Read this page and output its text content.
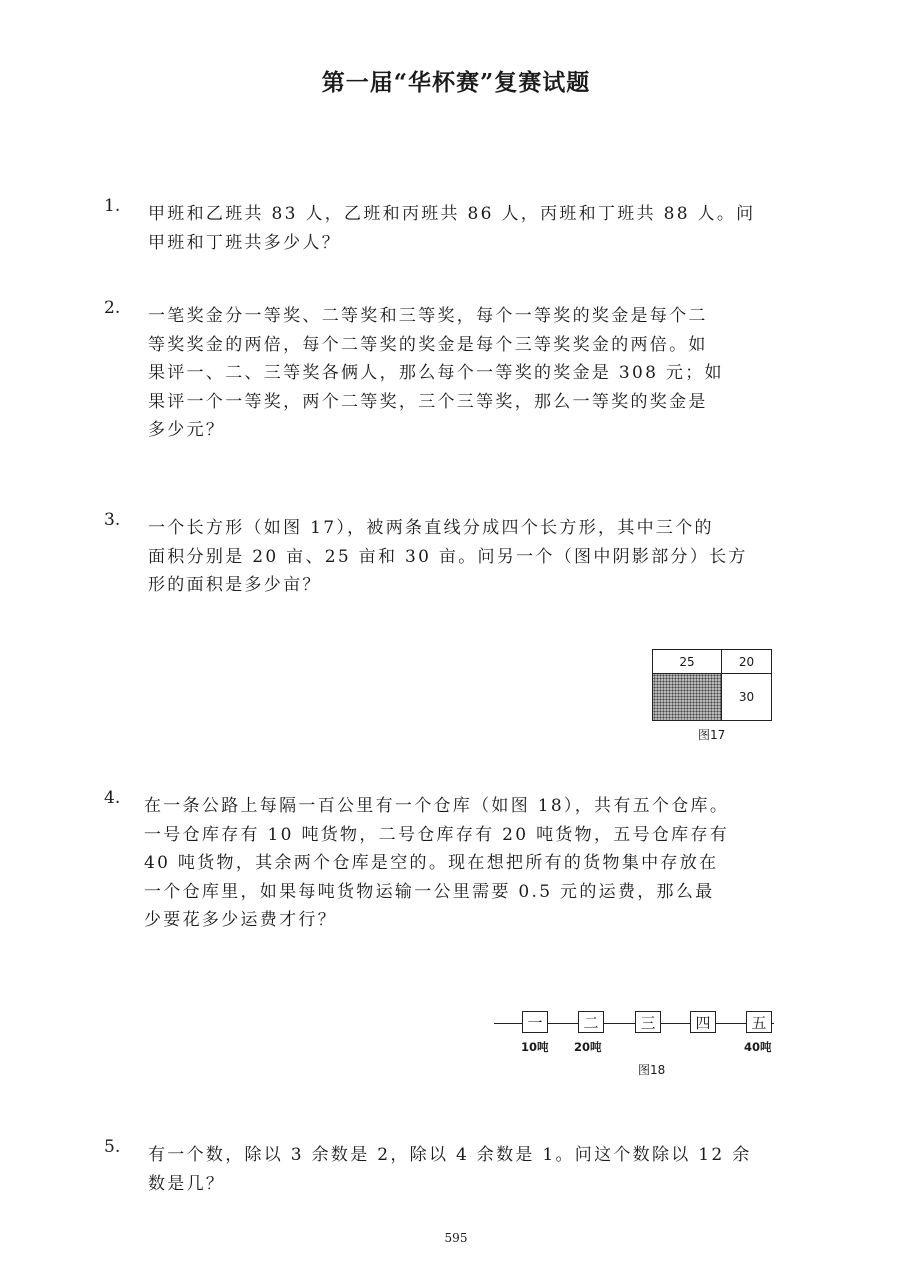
第一届“华杯赛”复赛试题
1. 甲班和乙班共 83 人，乙班和丙班共 86 人，丙班和丁班共 88 人。问
甲班和丁班共多少人？
2. 一笔奖金分一等奖、二等奖和三等奖，每个一等奖的奖金是每个二
等奖奖金的两倍，每个二等奖的奖金是每个三等奖奖金的两倍。如
果评一、二、三等奖各俩人，那么每个一等奖的奖金是 308 元；如
果评一个一等奖，两个二等奖，三个三等奖，那么一等奖的奖金是
多少元？
3. 一个长方形（如图 17），被两条直线分成四个长方形，其中三个的
面积分别是 20 亩、25 亩和 30 亩。问另一个（图中阴影部分）长方
形的面积是多少亩？
25	20
30
图17
4. 在一条公路上每隔一百公里有一个仓库（如图 18），共有五个仓库。
一号仓库存有 10 吨货物，二号仓库存有 20 吨货物，五号仓库存有
40 吨货物，其余两个仓库是空的。现在想把所有的货物集中存放在
一个仓库里，如果每吨货物运输一公里需要 0.5 元的运费，那么最
少要花多少运费才行？
一	二	三	四	五
10吨 20吨	40吨
图18
5. 有一个数，除以 3 余数是 2，除以 4 余数是 1。问这个数除以 12 余
数是几？
595
